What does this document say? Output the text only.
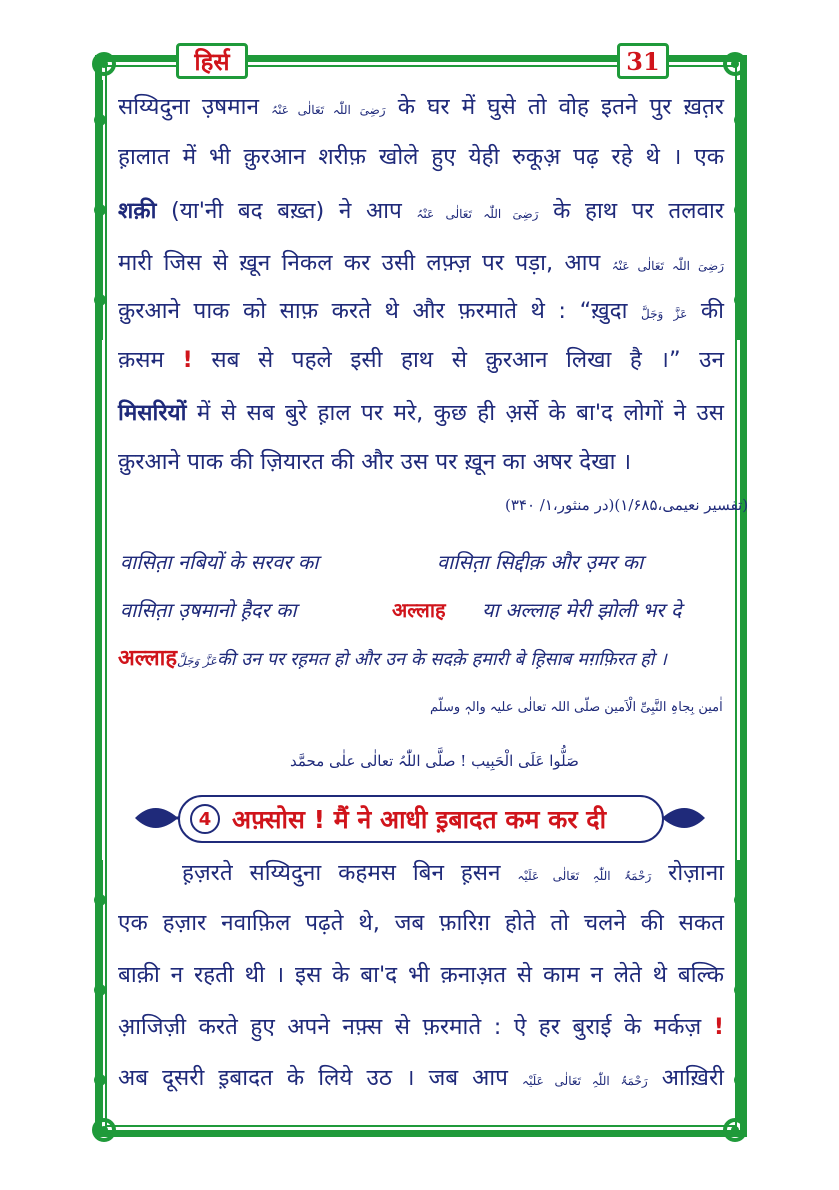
हिर्स	31
सय्यिदुना उ़षमान رَضِیَ اللّٰہ تَعَالٰی عَنْہُ के घर में घुसे तो वोह इतने पुर ख़त़र
ह़ालात में भी कु़रआन शरीफ़ खोले हुए येही रुकूअ़ पढ़ रहे थे । एक
शक़ी (या'नी बद बख़्त) ने आप رَضِیَ اللّٰہ تَعَالٰی عَنْہُ के हाथ पर तलवार
मारी जिस से ख़ून निकल कर उसी लफ़्ज़ पर पड़ा, आप رَضِیَ اللّٰہ تَعَالٰی عَنْہُ
कु़रआने पाक को साफ़ करते थे और फ़रमाते थे : “ख़ुदा عَزَّ وَجَلَّ की
क़सम ! सब से पहले इसी हाथ से कु़रआन लिखा है ।” उन
मिसरियों में से सब बुरे ह़ाल पर मरे, कुछ ही अ़र्से के बा'द लोगों ने उस
कु़रआने पाक की ज़ियारत की और उस पर ख़ून का अषर देखा ।
(در منثور،۱/ ۳۴۰)(تفسیر نعیمی،۱/۶۸۵)
वासित़ा नबियों के सरवर का	वासित़ा सिद्दीक़ और उ़मर का
वासित़ा उ़षमानो ह़ैदर का	अल्लाह या अल्लाह मेरी झोली भर दे
अल्लाहعَزَّ وَجَلَّकी उन पर रह़मत हो और उन के सदक़े हमारी बे ह़िसाब मग़फ़िरत हो ।
اٰمین بِجاہِ النَّبِیِّ الْاَمین صلّی اللہ تعالٰی علیہ والہٖ وسلّم
صَلُّوا عَلَی الْحَبِیب ! صلَّی اللّٰہُ تعالٰی علٰی محمَّد
4 अफ़्सोस ! मैं ने आधी इ़बादत कम कर दी
ह़ज़रते सय्यिदुना कहमस बिन ह़सन رَحْمَۃُ اللّٰہِ تَعَالٰی عَلَیْہ रोज़ाना
एक हज़ार नवाफ़िल पढ़ते थे, जब फ़ारिग़ होते तो चलने की सकत
बाक़ी न रहती थी । इस के बा'द भी क़नाअ़त से काम न लेते थे बल्कि
आ़जिज़ी करते हुए अपने नफ़्स से फ़रमाते : ऐ हर बुराई के मर्कज़ !
अब दूसरी इ़बादत के लिये उठ । जब आप رَحْمَۃُ اللّٰہِ تَعَالٰی عَلَیْہ आख़िरी
